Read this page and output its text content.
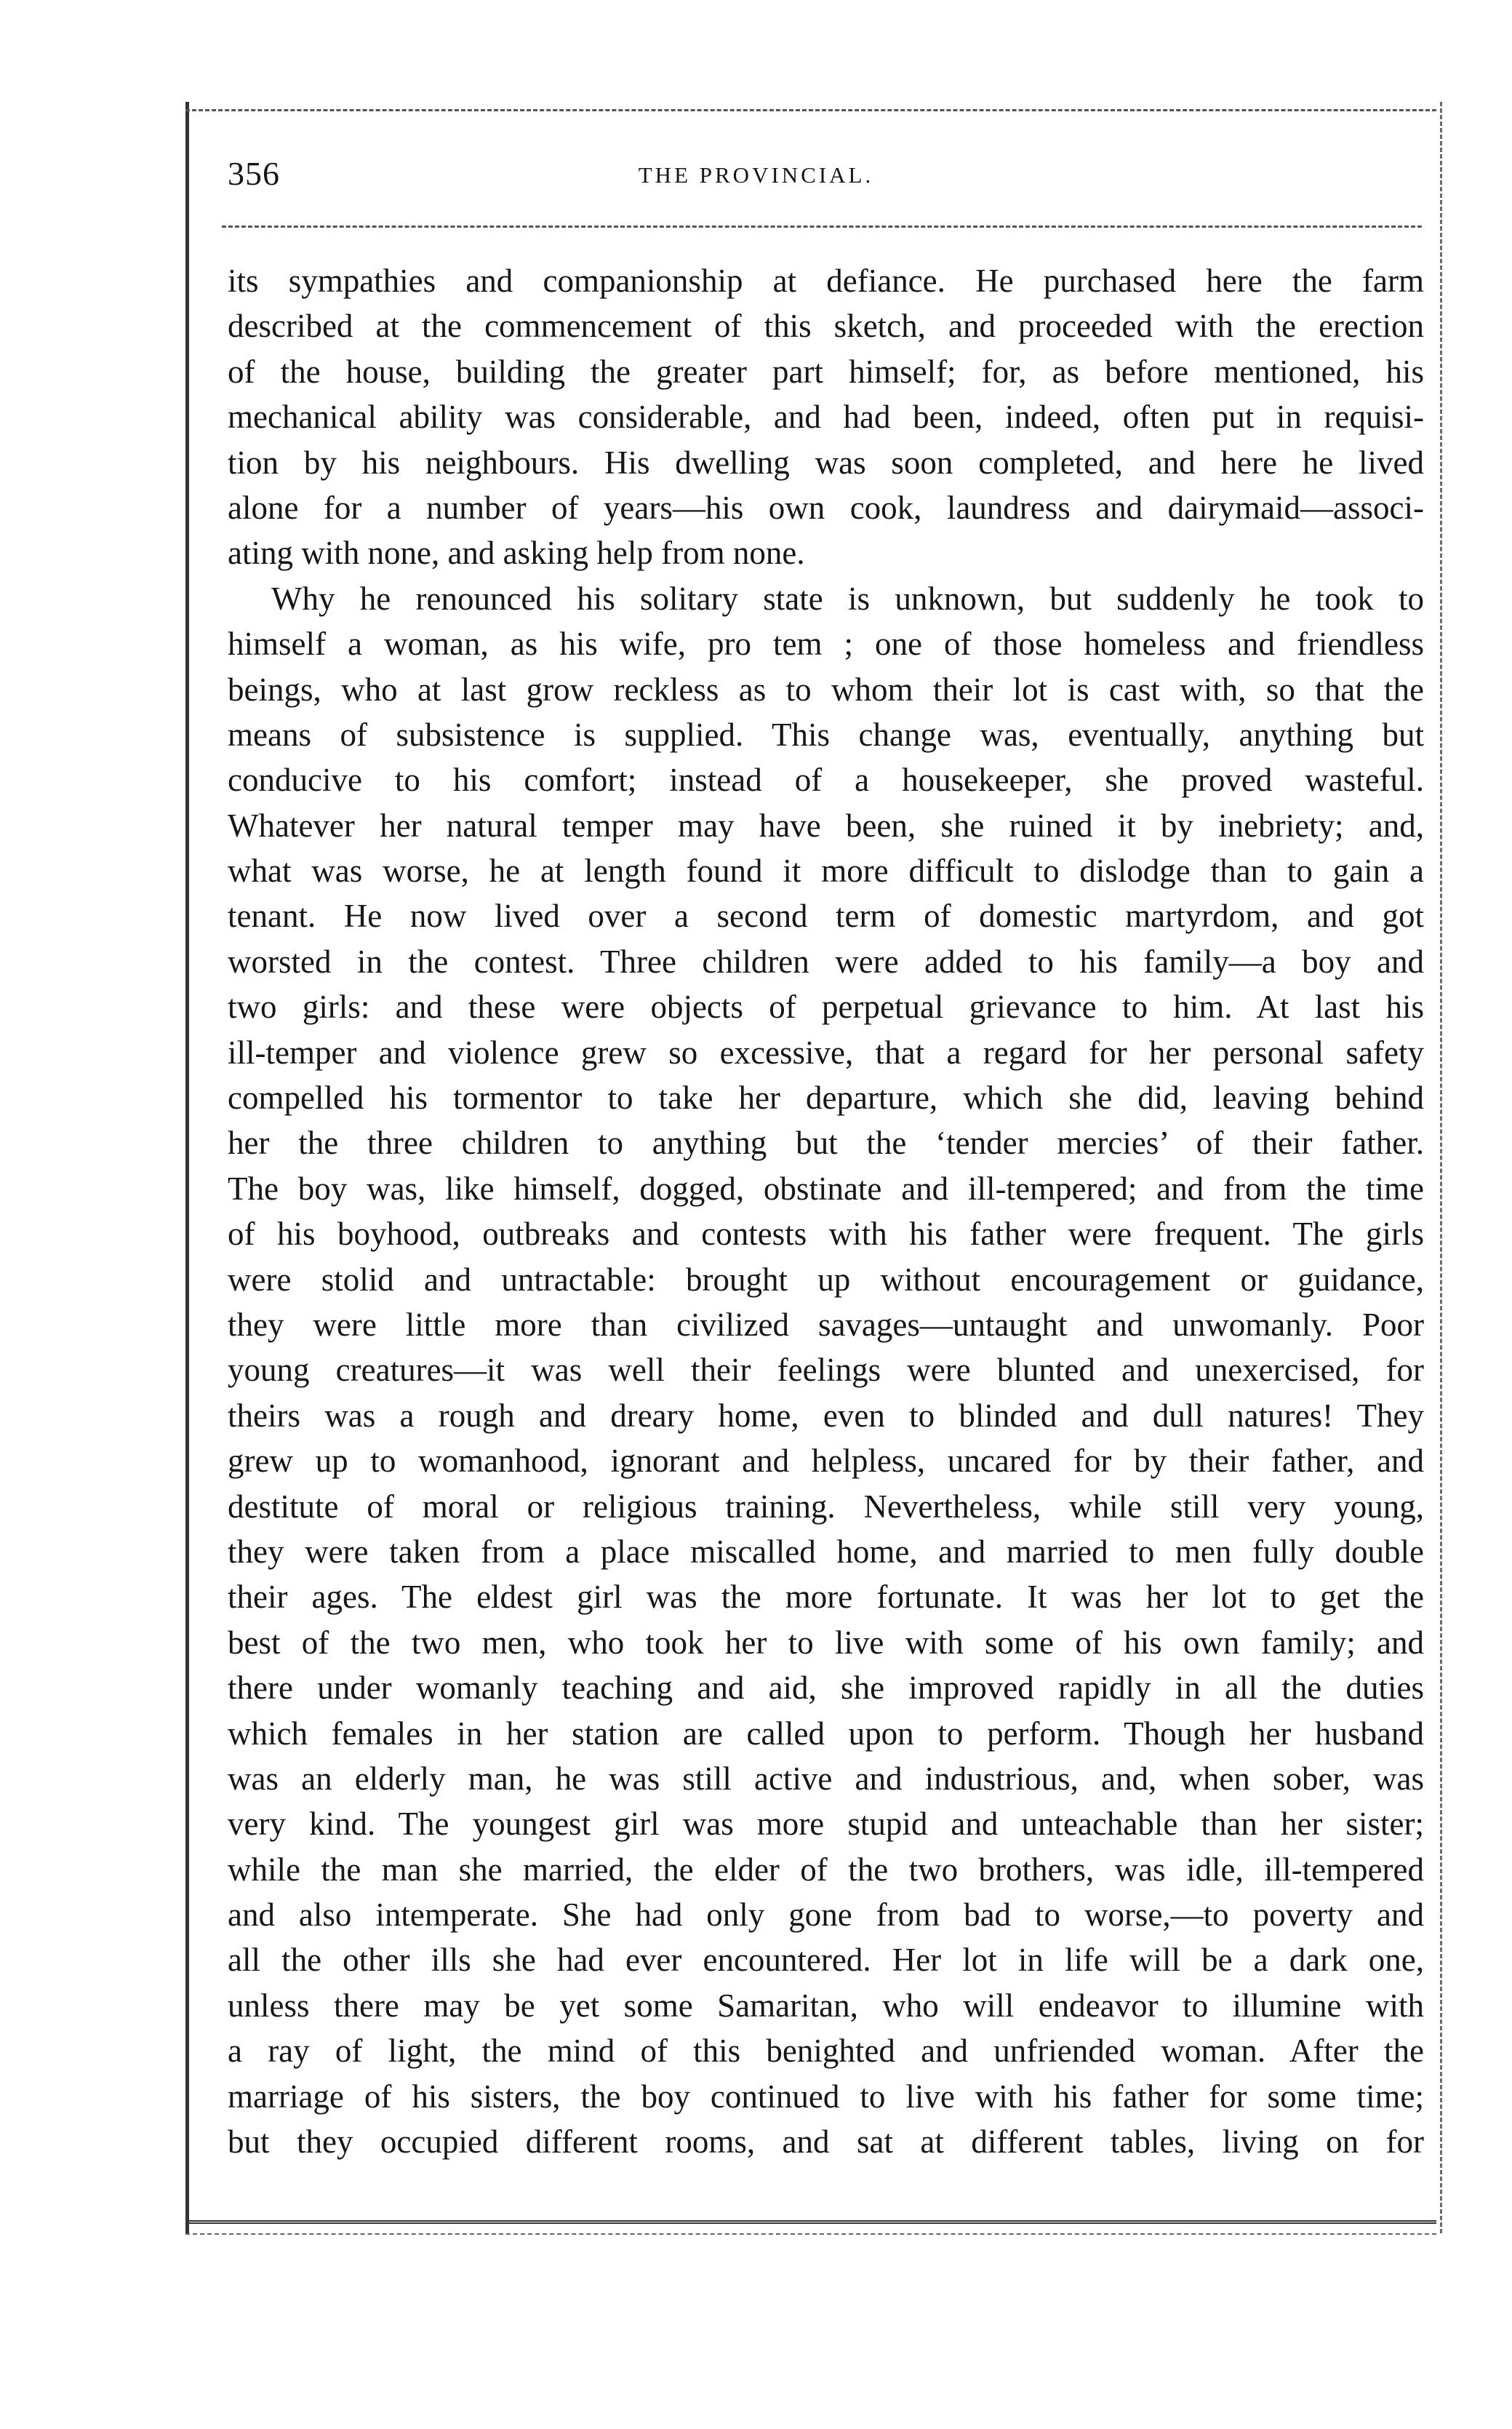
356	THE PROVINCIAL.
its sympathies and companionship at defiance. He purchased here the farm
described at the commencement of this sketch, and proceeded with the erection
of the house, building the greater part himself; for, as before mentioned, his
mechanical ability was considerable, and had been, indeed, often put in requisi-
tion by his neighbours. His dwelling was soon completed, and here he lived
alone for a number of years—his own cook, laundress and dairymaid—associ-
ating with none, and asking help from none.
Why he renounced his solitary state is unknown, but suddenly he took to
himself a woman, as his wife, pro tem ; one of those homeless and friendless
beings, who at last grow reckless as to whom their lot is cast with, so that the
means of subsistence is supplied. This change was, eventually, anything but
conducive to his comfort; instead of a housekeeper, she proved wasteful.
Whatever her natural temper may have been, she ruined it by inebriety; and,
what was worse, he at length found it more difficult to dislodge than to gain a
tenant. He now lived over a second term of domestic martyrdom, and got
worsted in the contest. Three children were added to his family—a boy and
two girls: and these were objects of perpetual grievance to him. At last his
ill-temper and violence grew so excessive, that a regard for her personal safety
compelled his tormentor to take her departure, which she did, leaving behind
her the three children to anything but the ‘tender mercies’ of their father.
The boy was, like himself, dogged, obstinate and ill-tempered; and from the time
of his boyhood, outbreaks and contests with his father were frequent. The girls
were stolid and untractable: brought up without encouragement or guidance,
they were little more than civilized savages—untaught and unwomanly. Poor
young creatures—it was well their feelings were blunted and unexercised, for
theirs was a rough and dreary home, even to blinded and dull natures! They
grew up to womanhood, ignorant and helpless, uncared for by their father, and
destitute of moral or religious training. Nevertheless, while still very young,
they were taken from a place miscalled home, and married to men fully double
their ages. The eldest girl was the more fortunate. It was her lot to get the
best of the two men, who took her to live with some of his own family; and
there under womanly teaching and aid, she improved rapidly in all the duties
which females in her station are called upon to perform. Though her husband
was an elderly man, he was still active and industrious, and, when sober, was
very kind. The youngest girl was more stupid and unteachable than her sister;
while the man she married, the elder of the two brothers, was idle, ill-tempered
and also intemperate. She had only gone from bad to worse,—to poverty and
all the other ills she had ever encountered. Her lot in life will be a dark one,
unless there may be yet some Samaritan, who will endeavor to illumine with
a ray of light, the mind of this benighted and unfriended woman. After the
marriage of his sisters, the boy continued to live with his father for some time;
but they occupied different rooms, and sat at different tables, living on for
